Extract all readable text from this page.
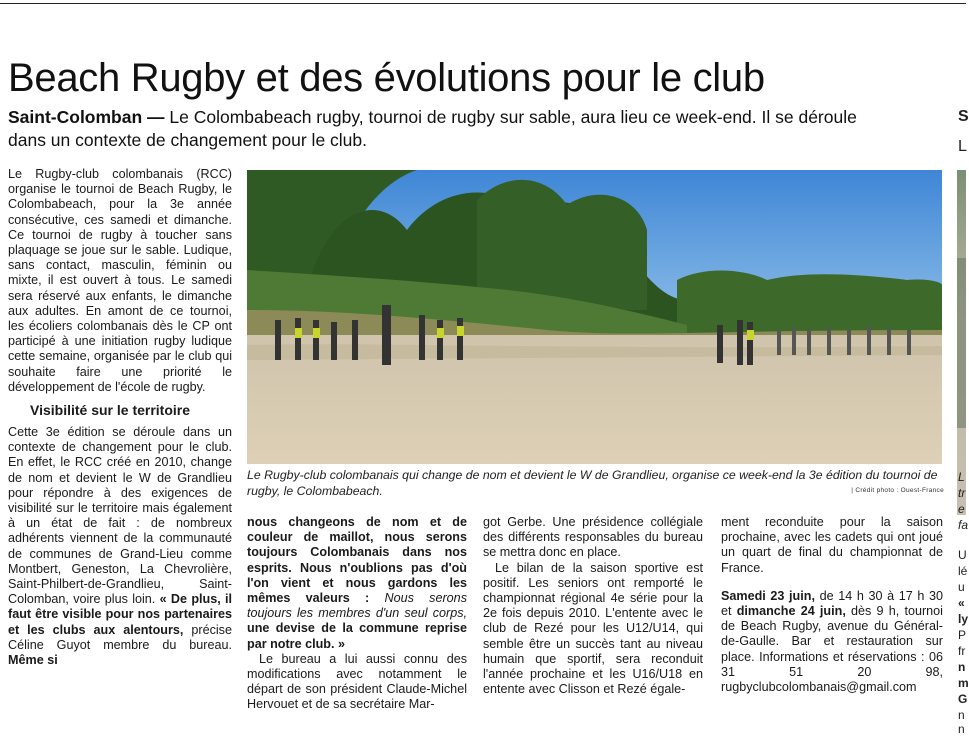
Beach Rugby et des évolutions pour le club
Saint-Colomban — Le Colombabeach rugby, tournoi de rugby sur sable, aura lieu ce week-end. Il se déroule dans un contexte de changement pour le club.

Le Rugby-club colombanais (RCC) organise le tournoi de Beach Rugby, le Colombabeach, pour la 3e année consécutive, ces samedi et dimanche. Ce tournoi de rugby à toucher sans plaquage se joue sur le sable. Ludique, sans contact, masculin, féminin ou mixte, il est ouvert à tous. Le samedi sera réservé aux enfants, le dimanche aux adultes. En amont de ce tournoi, les écoliers colombanais dès le CP ont participé à une initiation rugby ludique cette semaine, organisée par le club qui souhaite faire une priorité le développement de l'école de rugby.

Visibilité sur le territoire

Cette 3e édition se déroule dans un contexte de changement pour le club. En effet, le RCC créé en 2010, change de nom et devient le W de Grandlieu pour répondre à des exigences de visibilité sur le territoire mais également à un état de fait : de nombreux adhérents viennent de la communauté de communes de Grand-Lieu comme Montbert, Geneston, La Chevrolière, Saint-Philbert-de-Grandlieu, Saint-Colomban, voire plus loin. « De plus, il faut être visible pour nos partenaires et les clubs aux alentours, précise Céline Guyot membre du bureau. Même si

Le Rugby-club colombanais qui change de nom et devient le W de Grandlieu, organise ce week-end la 3e édition du tournoi de rugby, le Colombabeach.	| Crédit photo : Ouest-France

nous changeons de nom et de couleur de maillot, nous serons toujours Colombanais dans nos esprits. Nous n'oublions pas d'où l'on vient et nous gardons les mêmes valeurs : Nous serons toujours les membres d'un seul corps, une devise de la commune reprise par notre club. »

Le bureau a lui aussi connu des modifications avec notamment le départ de son président Claude-Michel Hervouet et de sa secrétaire Mar-

got Gerbe. Une présidence collégiale des différents responsables du bureau se mettra donc en place.

Le bilan de la saison sportive est positif. Les seniors ont remporté le championnat régional 4e série pour la 2e fois depuis 2010. L'entente avec le club de Rezé pour les U12/U14, qui semble être un succès tant au niveau humain que sportif, sera reconduit l'année prochaine et les U16/U18 en entente avec Clisson et Rezé égale-

ment reconduite pour la saison prochaine, avec les cadets qui ont joué un quart de final du championnat de France.

Samedi 23 juin, de 14 h 30 à 17 h 30 et dimanche 24 juin, dès 9 h, tournoi de Beach Rugby, avenue du Général-de-Gaulle. Bar et restauration sur place. Informations et réservations : 06 31 51 20 98, rugbyclubcolombanais@gmail.com

S
L
L
tr
e
fa
U
lé
u
«
ly
P
fr
n
m
G
n
n
